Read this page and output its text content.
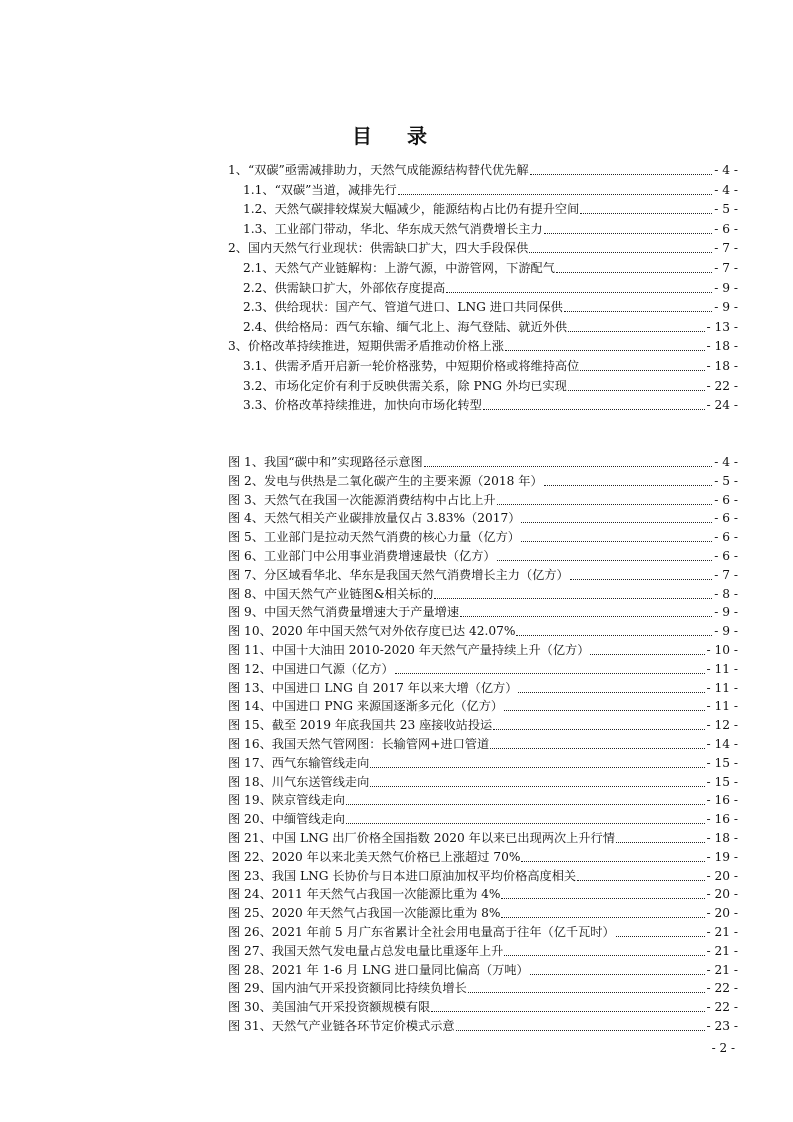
目 录
1、“双碳”亟需减排助力，天然气成能源结构替代优先解	- 4 -
1.1、“双碳”当道，减排先行	- 4 -
1.2、天然气碳排较煤炭大幅减少，能源结构占比仍有提升空间	- 5 -
1.3、工业部门带动，华北、华东成天然气消费增长主力	- 6 -
2、国内天然气行业现状：供需缺口扩大，四大手段保供	- 7 -
2.1、天然气产业链解构：上游气源，中游管网，下游配气	- 7 -
2.2、供需缺口扩大，外部依存度提高	- 9 -
2.3、供给现状：国产气、管道气进口、LNG 进口共同保供	- 9 -
2.4、供给格局：西气东输、缅气北上、海气登陆、就近外供	- 13 -
3、价格改革持续推进，短期供需矛盾推动价格上涨	- 18 -
3.1、供需矛盾开启新一轮价格涨势，中短期价格或将维持高位	- 18 -
3.2、市场化定价有利于反映供需关系，除 PNG 外均已实现	- 22 -
3.3、价格改革持续推进，加快向市场化转型	- 24 -
图 1、我国“碳中和”实现路径示意图	- 4 -
图 2、发电与供热是二氧化碳产生的主要来源（2018 年）	- 5 -
图 3、天然气在我国一次能源消费结构中占比上升	- 6 -
图 4、天然气相关产业碳排放量仅占 3.83%（2017）	- 6 -
图 5、工业部门是拉动天然气消费的核心力量（亿方）	- 6 -
图 6、工业部门中公用事业消费增速最快（亿方）	- 6 -
图 7、分区域看华北、华东是我国天然气消费增长主力（亿方）	- 7 -
图 8、中国天然气产业链图&相关标的	- 8 -
图 9、中国天然气消费量增速大于产量增速	- 9 -
图 10、2020 年中国天然气对外依存度已达 42.07%	- 9 -
图 11、中国十大油田 2010-2020 年天然气产量持续上升（亿方）	- 10 -
图 12、中国进口气源（亿方）	- 11 -
图 13、中国进口 LNG 自 2017 年以来大增（亿方）	- 11 -
图 14、中国进口 PNG 来源国逐渐多元化（亿方）	- 11 -
图 15、截至 2019 年底我国共 23 座接收站投运	- 12 -
图 16、我国天然气管网图：长输管网+进口管道	- 14 -
图 17、西气东输管线走向	- 15 -
图 18、川气东送管线走向	- 15 -
图 19、陕京管线走向	- 16 -
图 20、中缅管线走向	- 16 -
图 21、中国 LNG 出厂价格全国指数 2020 年以来已出现两次上升行情	- 18 -
图 22、2020 年以来北美天然气价格已上涨超过 70%	- 19 -
图 23、我国 LNG 长协价与日本进口原油加权平均价格高度相关	- 20 -
图 24、2011 年天然气占我国一次能源比重为 4%	- 20 -
图 25、2020 年天然气占我国一次能源比重为 8%	- 20 -
图 26、2021 年前 5 月广东省累计全社会用电量高于往年（亿千瓦时）	- 21 -
图 27、我国天然气发电量占总发电量比重逐年上升	- 21 -
图 28、2021 年 1-6 月 LNG 进口量同比偏高（万吨）	- 21 -
图 29、国内油气开采投资额同比持续负增长	- 22 -
图 30、美国油气开采投资额规模有限	- 22 -
图 31、天然气产业链各环节定价模式示意	- 23 -
- 2 -
